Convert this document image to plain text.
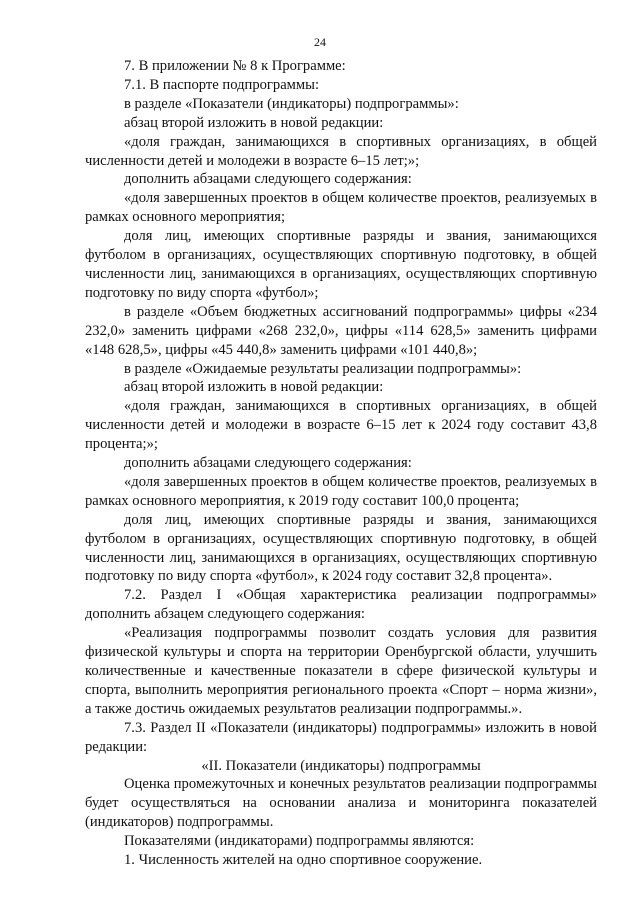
24

7. В приложении № 8 к Программе:

7.1. В паспорте подпрограммы:

в разделе «Показатели (индикаторы) подпрограммы»:

абзац второй изложить в новой редакции:

«доля граждан, занимающихся в спортивных организациях, в общей численности детей и молодежи в возрасте 6–15 лет;»;

дополнить абзацами следующего содержания:

«доля завершенных проектов в общем количестве проектов, реализуемых в рамках основного мероприятия;

доля лиц, имеющих спортивные разряды и звания, занимающихся футболом в организациях, осуществляющих спортивную подготовку, в общей численности лиц, занимающихся в организациях, осуществляющих спортивную подготовку по виду спорта «футбол»;

в разделе «Объем бюджетных ассигнований подпрограммы» цифры «234 232,0» заменить цифрами «268 232,0», цифры «114 628,5» заменить цифрами «148 628,5», цифры «45 440,8» заменить цифрами «101 440,8»;

в разделе «Ожидаемые результаты реализации подпрограммы»:

абзац второй изложить в новой редакции:

«доля граждан, занимающихся в спортивных организациях, в общей численности детей и молодежи в возрасте 6–15 лет к 2024 году составит 43,8 процента;»;

дополнить абзацами следующего содержания:

«доля завершенных проектов в общем количестве проектов, реализуемых в рамках основного мероприятия, к 2019 году составит 100,0 процента;

доля лиц, имеющих спортивные разряды и звания, занимающихся футболом в организациях, осуществляющих спортивную подготовку, в общей численности лиц, занимающихся в организациях, осуществляющих спортивную подготовку по виду спорта «футбол», к 2024 году составит 32,8 процента».

7.2. Раздел I «Общая характеристика реализации подпрограммы» дополнить абзацем следующего содержания:

«Реализация подпрограммы позволит создать условия для развития физической культуры и спорта на территории Оренбургской области, улучшить количественные и качественные показатели в сфере физической культуры и спорта, выполнить мероприятия регионального проекта «Спорт – норма жизни», а также достичь ожидаемых результатов реализации подпрограммы.».

7.3. Раздел II «Показатели (индикаторы) подпрограммы» изложить в новой редакции:

«II. Показатели (индикаторы) подпрограммы

Оценка промежуточных и конечных результатов реализации подпрограммы будет осуществляться на основании анализа и мониторинга показателей (индикаторов) подпрограммы.

Показателями (индикаторами) подпрограммы являются:

1. Численность жителей на одно спортивное сооружение.
